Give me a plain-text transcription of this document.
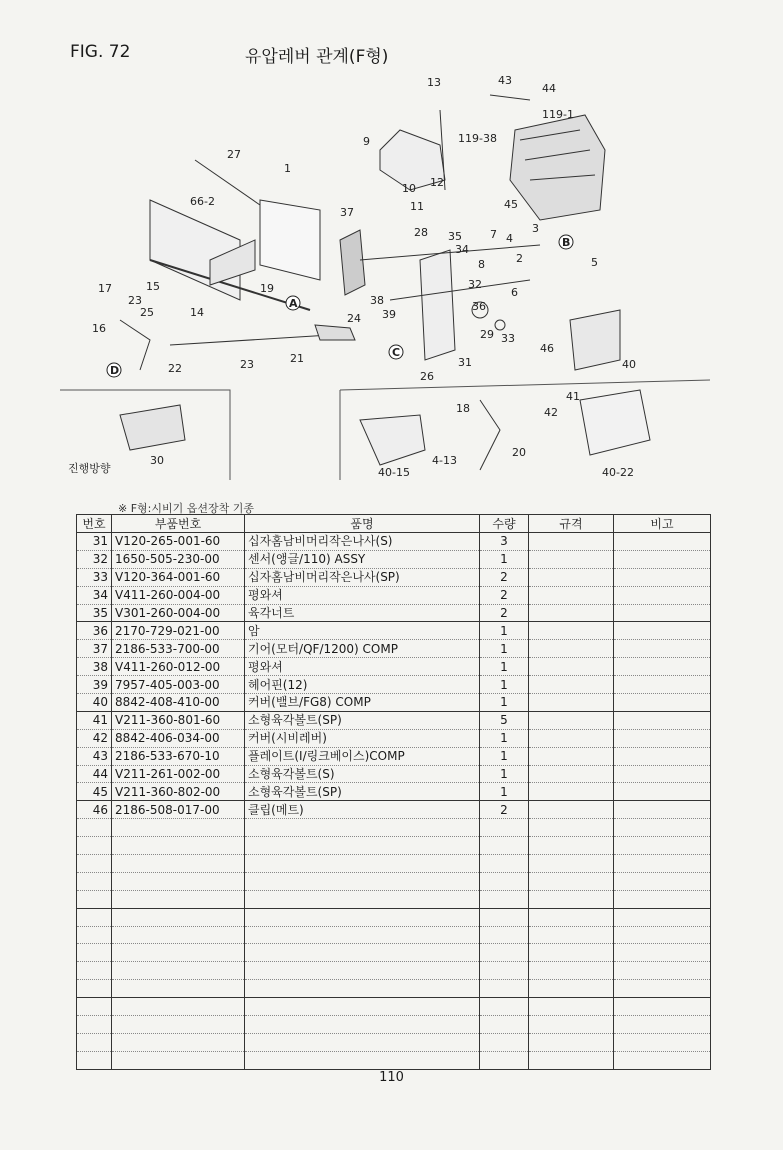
FIG. 72	유압레버 관계(F형)
A
B
C
D
13	43
44
119-1
9	119-38
27
1
10 12
11	45
66-2
37
28 35
34
7 4
3
8	2	5
6
17	15	19
14
23
25
16
38
39
32
36
29 33
24
22	23	21
26
31
46
40
18
41
42
40-15
4-13
20
40-22
30
진행방향
※ F형:시비기 옵션장착 기종
번호	부품번호	품명	수량	규격	비고
31	V120-265-001-60	십자홈남비머리작은나사(S)	3		
32	1650-505-230-00	센서(앵글/110) ASSY	1		
33	V120-364-001-60	십자홈남비머리작은나사(SP)	2		
34	V411-260-004-00	평와셔	2		
35	V301-260-004-00	육각너트	2		
36	2170-729-021-00	암	1		
37	2186-533-700-00	기어(모터/QF/1200) COMP	1		
38	V411-260-012-00	평와셔	1		
39	7957-405-003-00	헤어핀(12)	1		
40	8842-408-410-00	커버(밸브/FG8) COMP	1		
41	V211-360-801-60	소형육각볼트(SP)	5		
42	8842-406-034-00	커버(시비레버)	1		
43	2186-533-670-10	플레이트(I/링크베이스)COMP	1		
44	V211-261-002-00	소형육각볼트(S)	1		
45	V211-360-802-00	소형육각볼트(SP)	1		
46	2186-508-017-00	클립(메트)	2		

110
